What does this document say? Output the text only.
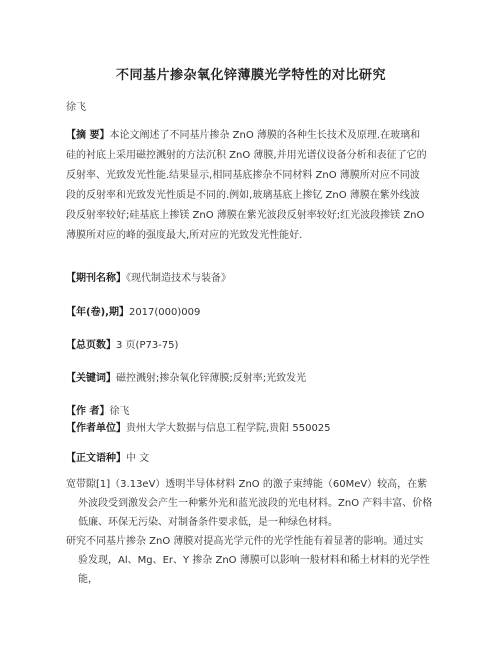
不同基片掺杂氧化锌薄膜光学特性的对比研究
徐飞

【摘 要】本论文阐述了不同基片掺杂 ZnO 薄膜的各种生长技术及原理.在玻璃和

硅的衬底上采用磁控溅射的方法沉积 ZnO 薄膜,并用光谱仪设备分析和表征了它的

反射率、光致发光性能.结果显示,相同基底掺杂不同材料 ZnO 薄膜所对应不同波

段的反射率和光致发光性质是不同的.例如,玻璃基底上掺钇 ZnO 薄膜在紫外线波

段反射率较好;硅基底上掺镁 ZnO 薄膜在紫光波段反射率较好;红光波段掺镁 ZnO

薄膜所对应的峰的强度最大,所对应的光致发光性能好.

【期刊名称】《现代制造技术与装备》
【年(卷),期】2017(000)009
【总页数】3 页(P73-75)
【关键词】磁控溅射;掺杂氧化锌薄膜;反射率;光致发光
【作 者】徐飞
【作者单位】贵州大学大数据与信息工程学院,贵阳 550025
【正文语种】中 文

宽带隙[1]（3.13eV）透明半导体材料 ZnO 的激子束缚能（60MeV）较高，在紫

外波段受到激发会产生一种紫外光和蓝光波段的光电材料。ZnO 产料丰富、价格

低廉、环保无污染、对制备条件要求低，是一种绿色材料。

研究不同基片掺杂 ZnO 薄膜对提高光学元件的光学性能有着显著的影响。通过实

验发现，Al、Mg、Er、Y 掺杂 ZnO 薄膜可以影响一般材料和稀土材料的光学性能，
